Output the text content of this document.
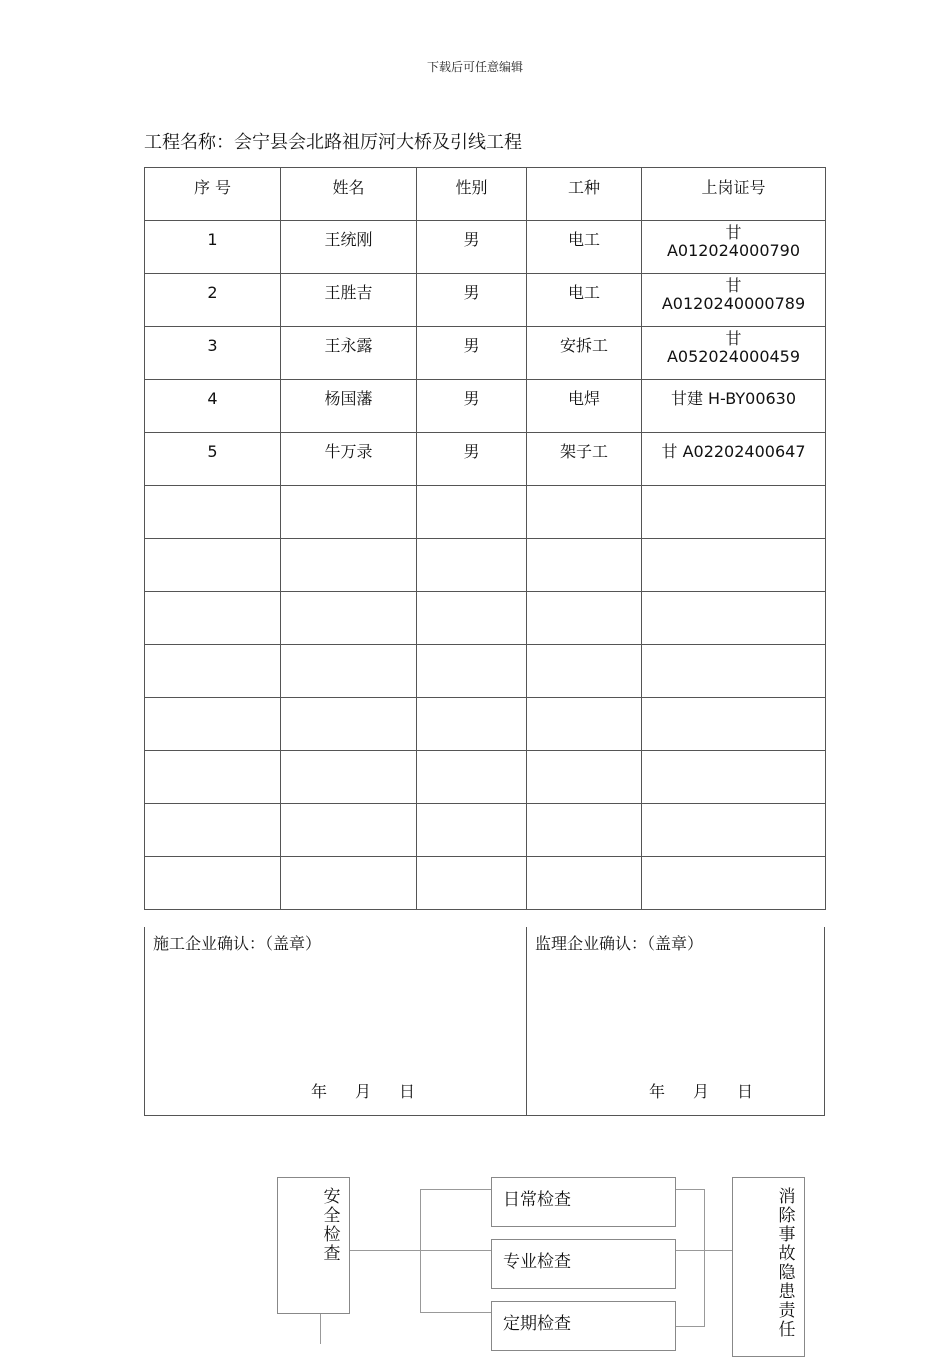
下载后可任意编辑
工程名称：会宁县会北路祖厉河大桥及引线工程
序 号	姓名	性别	工种	上岗证号
1	王统刚	男	电工	甘
A012024000790

2	王胜吉	男	电工	甘
A0120240000789

3	王永露	男	安拆工	甘
A052024000459

4	杨国藩	男	电焊	甘建 H-BY00630

5	牛万录	男	架子工	甘 A02202400647

施工企业确认：（盖章）	监理企业确认：（盖章）
年 月 日	年 月 日
安全检查
日常检查
专业检查
定期检查
消除事故隐患责任
